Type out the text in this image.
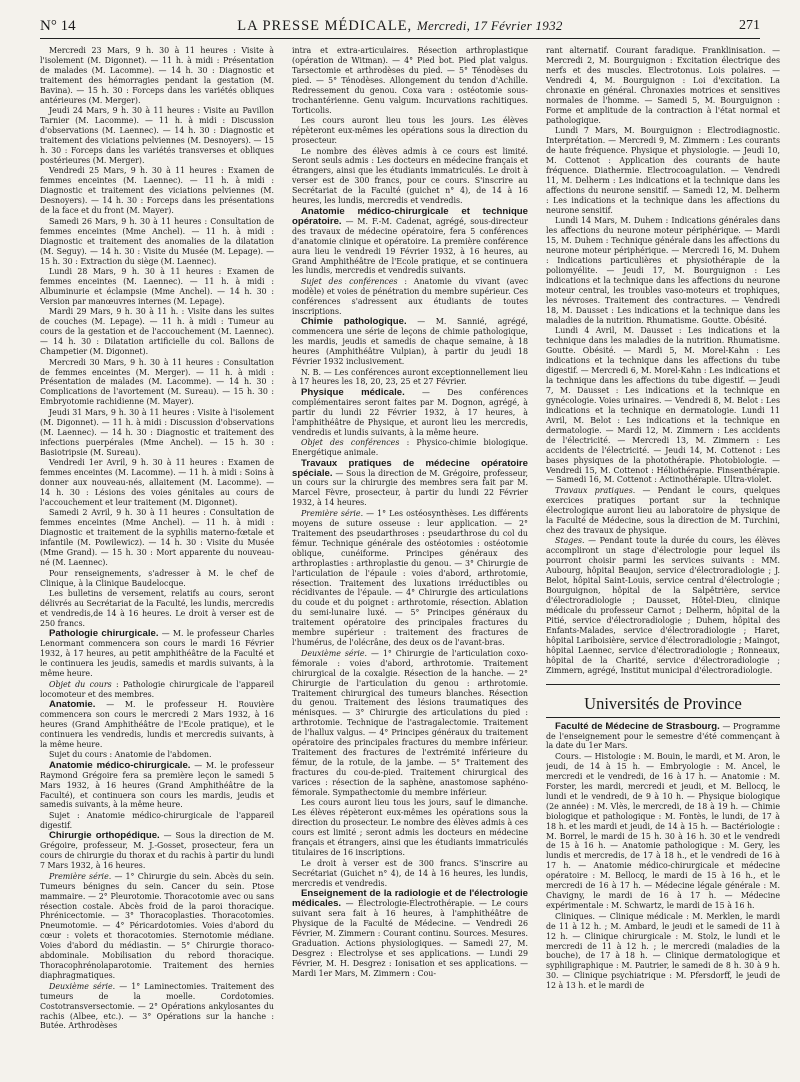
N° 14	LA PRESSE MÉDICALE, Mercredi, 17 Février 1932	271

Mercredi 23 Mars, 9 h. 30 à 11 heures : Visite à l'isolement (M. Digonnet). — 11 h. à midi : Présentation de malades (M. Lacomme). — 14 h. 30 : Diagnostic et traitement des hémorragies pendant la gestation (M. Bavina). — 15 h. 30 : Forceps dans les variétés obliques antérieures (M. Merger).

Jeudi 24 Mars, 9 h. 30 à 11 heures : Visite au Pavillon Tarnier (M. Lacomme). — 11 h. à midi : Discussion d'observations (M. Laennec). — 14 h. 30 : Diagnostic et traitement des viciations pelviennes (M. Desnoyers). — 15 h. 30 : Forceps dans les variétés transverses et obliques postérieures (M. Merger).

Vendredi 25 Mars, 9 h. 30 à 11 heures : Examen de femmes enceintes (M. Laennec). — 11 h. à midi : Diagnostic et traitement des viciations pelviennes (M. Desnoyers). — 14 h. 30 : Forceps dans les présentations de la face et du front (M. Mayer).

Samedi 26 Mars, 9 h. 30 à 11 heures : Consultation de femmes enceintes (Mme Anchel). — 11 h. à midi : Diagnostic et traitement des anomalies de la dilatation (M. Seguy). — 14 h. 30 : Visite du Musée (M. Lepage). — 15 h. 30 : Extraction du siège (M. Laennec).

Lundi 28 Mars, 9 h. 30 à 11 heures : Examen de femmes enceintes (M. Laennec). — 11 h. à midi : Albuminurie et éclampsie (Mme Anchel). — 14 h. 30 : Version par manœuvres internes (M. Lepage).

Mardi 29 Mars, 9 h. 30 à 11 h. : Visite dans les suites de couches (M. Lepage). — 11 h. à midi : Tumeur au cours de la gestation et de l'accouchement (M. Laennec). — 14 h. 30 : Dilatation artificielle du col. Ballons de Champetier (M. Digonnet).

Mercredi 30 Mars, 9 h. 30 à 11 heures : Consultation de femmes enceintes (M. Merger). — 11 h. à midi : Présentation de malades (M. Lacomme). — 14 h. 30 : Complications de l'avortement (M. Sureau). — 15 h. 30 : Embryotomie rachidienne (M. Mayer).

Jeudi 31 Mars, 9 h. 30 à 11 heures : Visite à l'isolement (M. Digonnet). — 11 h. à midi : Discussion d'observations (M. Laennec). — 14 h. 30 : Diagnostic et traitement des infections puerpérales (Mme Anchel). — 15 h. 30 : Basiotripsie (M. Sureau).

Vendredi 1er Avril, 9 h. 30 à 11 heures : Examen de femmes enceintes (M. Lacomme). — 11 h. à midi : Soins à donner aux nouveau-nés, allaitement (M. Lacomme). — 14 h. 30 : Lésions des voies génitales au cours de l'accouchement et leur traitement (M. Digonnet).

Samedi 2 Avril, 9 h. 30 à 11 heures : Consultation de femmes enceintes (Mme Anchel). — 11 h. à midi : Diagnostic et traitement de la syphilis materno-fœtale et infantile (M. Powilewicz). — 14 h. 30 : Visite du Musée (Mme Grand). — 15 h. 30 : Mort apparente du nouveau-né (M. Laennec).

Pour renseignements, s'adresser à M. le chef de Clinique, à la Clinique Baudelocque.

Les bulletins de versement, relatifs au cours, seront délivrés au Secrétariat de la Faculté, les lundis, mercredis et vendredis,de 14 à 16 heures. Le droit à verser est de 250 francs.

Pathologie chirurgicale. — M. le professeur Charles Lenormant commencera son cours le mardi 16 Février 1932, à 17 heures, au petit amphithéâtre de la Faculté et le continuera les jeudis, samedis et mardis suivants, à la même heure.

Objet du cours : Pathologie chirurgicale de l'appareil locomoteur et des membres.

Anatomie. — M. le professeur H. Rouvière commencera son cours le mercredi 2 Mars 1932, à 16 heures (Grand Amphithéâtre de l'Ecole pratique), et le continuera les vendredis, lundis et mercredis suivants, à la même heure.

Sujet du cours : Anatomie de l'abdomen.

Anatomie médico-chirurgicale. — M. le professeur Raymond Grégoire fera sa première leçon le samedi 5 Mars 1932, à 16 heures (Grand Amphithéâtre de la Faculté), et continuera son cours les mardis, jeudis et samedis suivants, à la même heure.

Sujet : Anatomie médico-chirurgicale de l'appareil digestif.

Chirurgie orthopédique. — Sous la direction de M. Grégoire, professeur, M. J.-Gosset, prosecteur, fera un cours de chirurgie du thorax et du rachis à partir du lundi 7 Mars 1932, à 16 heures.

Première série. — 1° Chirurgie du sein. Abcès du sein. Tumeurs bénignes du sein. Cancer du sein. Ptose mammaire. — 2° Pleurotomie. Thoracotomie avec ou sans résection costale. Abcès froid de la paroi thoracique. Phrénicectomie. — 3° Thoracoplasties. Thoracotomies. Pneumotomie. — 4° Péricardotomies. Voies d'abord du cœur : volets et thoracotomies. Sternotomie médiane. Voies d'abord du médiastin. — 5° Chirurgie thoraco-abdominale. Mobilisation du rebord thoracique. Thoracophrénolaparotomie. Traitement des hernies diaphragmatiques.

Deuxième série. — 1° Laminectomies. Traitement des tumeurs de la moelle. Cordotomies. Costotransversectomie. — 2° Opérations ankylosantes du rachis (Albee, etc.). — 3° Opérations sur la hanche : Butée. Arthrodèses

intra et extra-articulaires. Résection arthroplastique (opération de Witman). — 4° Pied bot. Pied plat valgus. Tarsectomie et arthrodèses du pied. — 5° Ténodèses du pied. — 5° Ténodèses. Allongement du tendon d'Achille. Redressement du genou. Coxa vara : ostéotomie sous-trochantérienne. Genu valgum. Incurvations rachitiques. Torticolis.

Les cours auront lieu tous les jours. Les élèves répèteront eux-mêmes les opérations sous la direction du prosecteur.

Le nombre des élèves admis à ce cours est limité. Seront seuls admis : Les docteurs en médecine français et étrangers, ainsi que les étudiants immatriculés. Le droit à verser est de 300 francs, pour ce cours. S'inscrire au Secrétariat de la Faculté (guichet n° 4), de 14 à 16 heures, les lundis, mercredis et vendredis.

Anatomie médico-chirurgicale et technique opératoire. — M. F.-M. Cadenat, agrégé, sous-directeur des travaux de médecine opératoire, fera 5 conférences d'anatomie clinique et opératoire. La première conférence aura lieu le vendredi 19 Février 1932, à 16 heures, au Grand Amphithéâtre de l'Ecole pratique, et se continuera les lundis, mercredis et vendredis suivants.

Sujet des conférences : Anatomie du vivant (avec modèle) et voies de pénétration du membre supérieur. Ces conférences s'adressent aux étudiants de toutes inscriptions.

Chimie pathologique. — M. Sannié, agrégé, commencera une série de leçons de chimie pathologique, les mardis, jeudis et samedis de chaque semaine, à 18 heures (Amphithéâtre Vulpian), à partir du jeudi 18 Février 1932 inclusivement.

N. B. — Les conférences auront exceptionnellement lieu à 17 heures les 18, 20, 23, 25 et 27 Février.

Physique médicale. — Des conférences complémentaires seront faites par M. Dognon, agrégé, à partir du lundi 22 Février 1932, à 17 heures, à l'amphithéâtre de Physique, et auront lieu les mercredis, vendredis et lundis suivants, à la même heure.

Objet des conférences : Physico-chimie biologique. Energétique animale.

Travaux pratiques de médecine opératoire spéciale. — Sous la direction de M. Grégoire, professeur, un cours sur la chirurgie des membres sera fait par M. Marcel Fèvre, prosecteur, à partir du lundi 22 Février 1932, à 14 heures.

Première série. — 1° Les ostéosynthèses. Les différents moyens de suture osseuse : leur application. — 2° Traitement des pseudarthroses : pseudarthrose du col du fémur. Technique générale des ostéotomies : ostéotomie oblique, cunéiforme. Principes généraux des arthroplasties : arthroplastie du genou. — 3° Chirurgie de l'articulation de l'épaule : voies d'abord, arthrotomie, résection. Traitement des luxations irréductibles ou récidivantes de l'épaule. — 4° Chirurgie des articulations du coude et du poignet : arthrotomie, résection. Ablation du semi-lunaire luxé. — 5° Principes généraux du traitement opératoire des principales fractures du membre supérieur : traitement des fractures de l'humérus, de l'olécrâne, des deux os de l'avant-bras.

Deuxième série. — 1° Chirurgie de l'articulation coxo-fémorale : voies d'abord, arthrotomie. Traitement chirurgical de la coxalgie. Résection de la hanche. — 2° Chirurgie de l'articulation du genou : arthrotomie. Traitement chirurgical des tumeurs blanches. Résection du genou. Traitement des lésions traumatiques des ménisques. — 3° Chirurgie des articulations du pied : arthrotomie. Technique de l'astragalectomie. Traitement de l'hallux valgus. — 4° Principes généraux du traitement opératoire des principales fractures du membre inférieur. Traitement des fractures de l'extrémité inférieure du fémur, de la rotule, de la jambe. — 5° Traitement des fractures du cou-de-pied. Traitement chirurgical des varices : résection de la saphène, anastomose saphéno-fémorale. Sympathectomie du membre inférieur.

Les cours auront lieu tous les jours, sauf le dimanche. Les élèves répèteront eux-mêmes les opérations sous la direction du prosecteur. Le nombre des élèves admis à ces cours est limité ; seront admis les docteurs en médecine français et étrangers, ainsi que les étudiants immatriculés titulaires de 16 inscriptions.

Le droit à verser est de 300 francs. S'inscrire au Secrétariat (Guichet n° 4), de 14 à 16 heures, les lundis, mercredis et vendredis.

Enseignement de la radiologie et de l'électrologie médicales. — Électrologie-Électrothérapie. — Le cours suivant sera fait à 16 heures, à l'amphithéâtre de Physique de la Faculté de Médecine. — Vendredi 26 Février, M. Zimmern : Courant continu. Sources. Mesures. Graduation. Actions physiologiques. — Samedi 27, M. Desgrez : Electrolyse et ses applications. — Lundi 29 Février, M. H. Desgrez : Ionisation et ses applications. — Mardi 1er Mars, M. Zimmern : Cou-

rant alternatif. Courant faradique. Franklinisation. — Mercredi 2, M. Bourguignon : Excitation électrique des nerfs et des muscles. Electrotonus. Lois polaires. — Vendredi 4, M. Bourguignon : Loi d'excitation. La chronaxie en général. Chronaxies motrices et sensitives normales de l'homme. — Samedi 5, M. Bourguignon : Forme et amplitude de la contraction à l'état normal et pathologique.

Lundi 7 Mars, M. Bourguignon : Electrodiagnostic. Interprétation. — Mercredi 9, M. Zimmern : Les courants de haute fréquence. Physique et physiologie. — Jeudi 10, M. Cottenot : Application des courants de haute fréquence. Diathermie. Electrocoagulation. — Vendredi 11, M. Delherm : Les indications et la technique dans les affections du neurone sensitif. — Samedi 12, M. Delherm : Les indications et la technique dans les affections du neurone sensitif.

Lundi 14 Mars, M. Duhem : Indications générales dans les affections du neurone moteur périphérique. — Mardi 15, M. Duhem : Technique générale dans les affections du neurone moteur périphérique. — Mercredi 16, M. Duhem : Indications particulières et physiothérapie de la poliomyélite. — Jeudi 17, M. Bourguignon : Les indications et la technique dans les affections du neurone moteur central, les troubles vaso-moteurs et trophiques, les névroses. Traitement des contractures. — Vendredi 18, M. Dausset : Les indications et la technique dans les maladies de la nutrition. Rhumatisme. Goutte. Obésité.

Lundi 4 Avril, M. Dausset : Les indications et la technique dans les maladies de la nutrition. Rhumatisme. Goutte. Obésité. — Mardi 5, M. Morel-Kahn : Les indications et la technique dans les affections du tube digestif. — Mercredi 6, M. Morel-Kahn : Les indications et la technique dans les affections du tube digestif. — Jeudi 7, M. Dausset : Les indications et la technique en gynécologie. Voies urinaires. — Vendredi 8, M. Belot : Les indications et la technique en dermatologie. Lundi 11 Avril, M. Belot : Les indications et la technique en dermatologie. — Mardi 12, M. Zimmern : Les accidents de l'électricité. — Mercredi 13, M. Zimmern : Les accidents de l'électricité. — Jeudi 14, M. Cottenot : Les bases physiques de la photothérapie. Photobiologie. — Vendredi 15, M. Cottenot : Héliothérapie. Finsenthérapie. — Samedi 16, M. Cottenot : Actinothérapie. Ultra-violet.

Travaux pratiques. — Pendant le cours, quelques exercices pratiques portant sur la technique électrologique auront lieu au laboratoire de physique de la Faculté de Médecine, sous la direction de M. Turchini, chez des travaux de physique.

Stages. — Pendant toute la durée du cours, les élèves accompliront un stage d'électrologie pour lequel ils pourront choisir parmi les services suivants : MM. Aubourg, hôpital Beaujon, service d'électroradiologie ; J. Belot, hôpital Saint-Louis, service central d'électrologie ; Bourguignon, hôpital de la Salpêtrière, service d'électroradiologie ; Dausset, Hôtel-Dieu, clinique médicale du professeur Carnot ; Delherm, hôpital de la Pitié, service d'électroradiologie ; Duhem, hôpital des Enfants-Malades, service d'électroradiologie ; Haret, hôpital Lariboisière, service d'électroradiologie ; Maingot, hôpital Laennec, service d'électroradiologie ; Ronneaux, hôpital de la Charité, service d'électroradiologie ; Zimmern, agrégé, Institut municipal d'électroradiologie.

Universités de Province

Faculté de Médecine de Strasbourg. — Programme de l'enseignement pour le semestre d'été commençant à la date du 1er Mars.

Cours. — Histologie : M. Bouin, le mardi, et M. Aron, le jeudi, de 14 à 15 h. — Embryologie : M. Ancel, le mercredi et le vendredi, de 16 à 17 h. — Anatomie : M. Forster, les mardi, mercredi et jeudi, et M. Bellocq, le lundi et le vendredi, de 9 à 10 h. — Physique biologique (2e année) : M. Vlès, le mercredi, de 18 à 19 h. — Chimie biologique et pathologique : M. Fontès, le lundi, de 17 à 18 h. et les mardi et jeudi, de 14 à 15 h. — Bactériologie : M. Borrel, le mardi de 15 h. 30 à 16 h. 30 et le vendredi de 15 à 16 h. — Anatomie pathologique : M. Gery, les lundis et mercredis, de 17 à 18 h., et le vendredi de 16 à 17 h. — Anatomie médico-chirurgicale et médecine opératoire : M. Bellocq, le mardi de 15 à 16 h., et le mercredi de 16 à 17 h. — Médecine légale générale : M. Chavigny, le mardi de 16 à 17 h. — Médecine expérimentale : M. Schwartz, le mardi de 15 à 16 h.

Cliniques. — Clinique médicale : M. Merklen, le mardi de 11 à 12 h. ; M. Ambard, le jeudi et le samedi de 11 à 12 h. — Clinique chirurgicale : M. Stolz, le lundi et le mercredi de 11 à 12 h. ; le mercredi (maladies de la bouche), de 17 à 18 h. — Clinique dermatologique et syphiligraphique : M. Pautrier, le samedi de 8 h. 30 à 9 h. 30. — Clinique psychiatrique : M. Pfersdorff, le jeudi de 12 à 13 h. et le mardi de
